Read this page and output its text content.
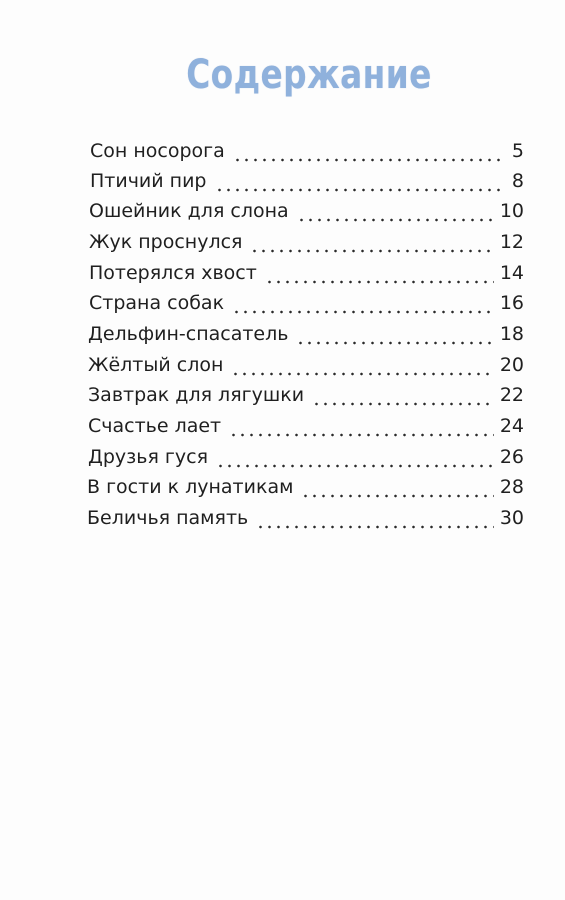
Содержание
Сон носорога	5
Птичий пир	8
Ошейник для слона	10
Жук проснулся	12
Потерялся хвост	14
Страна собак	16
Дельфин-спасатель	18
Жёлтый слон	20
Завтрак для лягушки	22
Счастье лает	24
Друзья гуся	26
В гости к лунатикам	28
Беличья память	30
